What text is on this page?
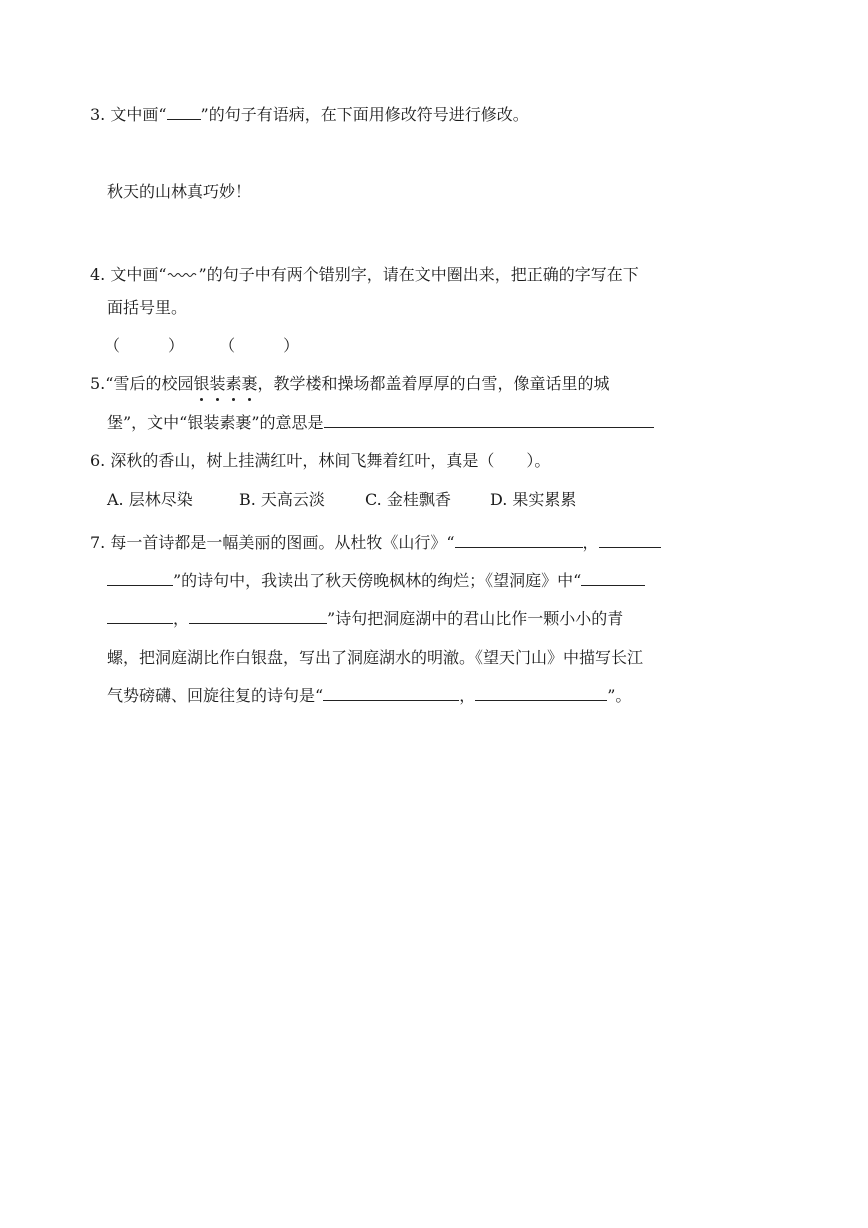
3. 文中画“ ”的句子有语病，在下面用修改符号进行修改。
秋天的山林真巧妙！
4. 文中画“ ”的句子中有两个错别字，请在文中圈出来，把正确的字写在下
面括号里。
（　　　） （　　　）
5.“雪后的校园银装素裹，教学楼和操场都盖着厚厚的白雪，像童话里的城
堡”，文中“银装素裹”的意思是
6. 深秋的香山，树上挂满红叶，林间飞舞着红叶，真是（　　）。
A. 层林尽染	B. 天高云淡	C. 金桂飘香 D. 果实累累
7. 每一首诗都是一幅美丽的图画。从杜牧《山行》“	，
”的诗句中，我读出了秋天傍晚枫林的绚烂；《望洞庭》中“
，	”诗句把洞庭湖中的君山比作一颗小小的青
螺，把洞庭湖比作白银盘，写出了洞庭湖水的明澈。《望天门山》中描写长江
气势磅礴、回旋往复的诗句是“	，	”。
